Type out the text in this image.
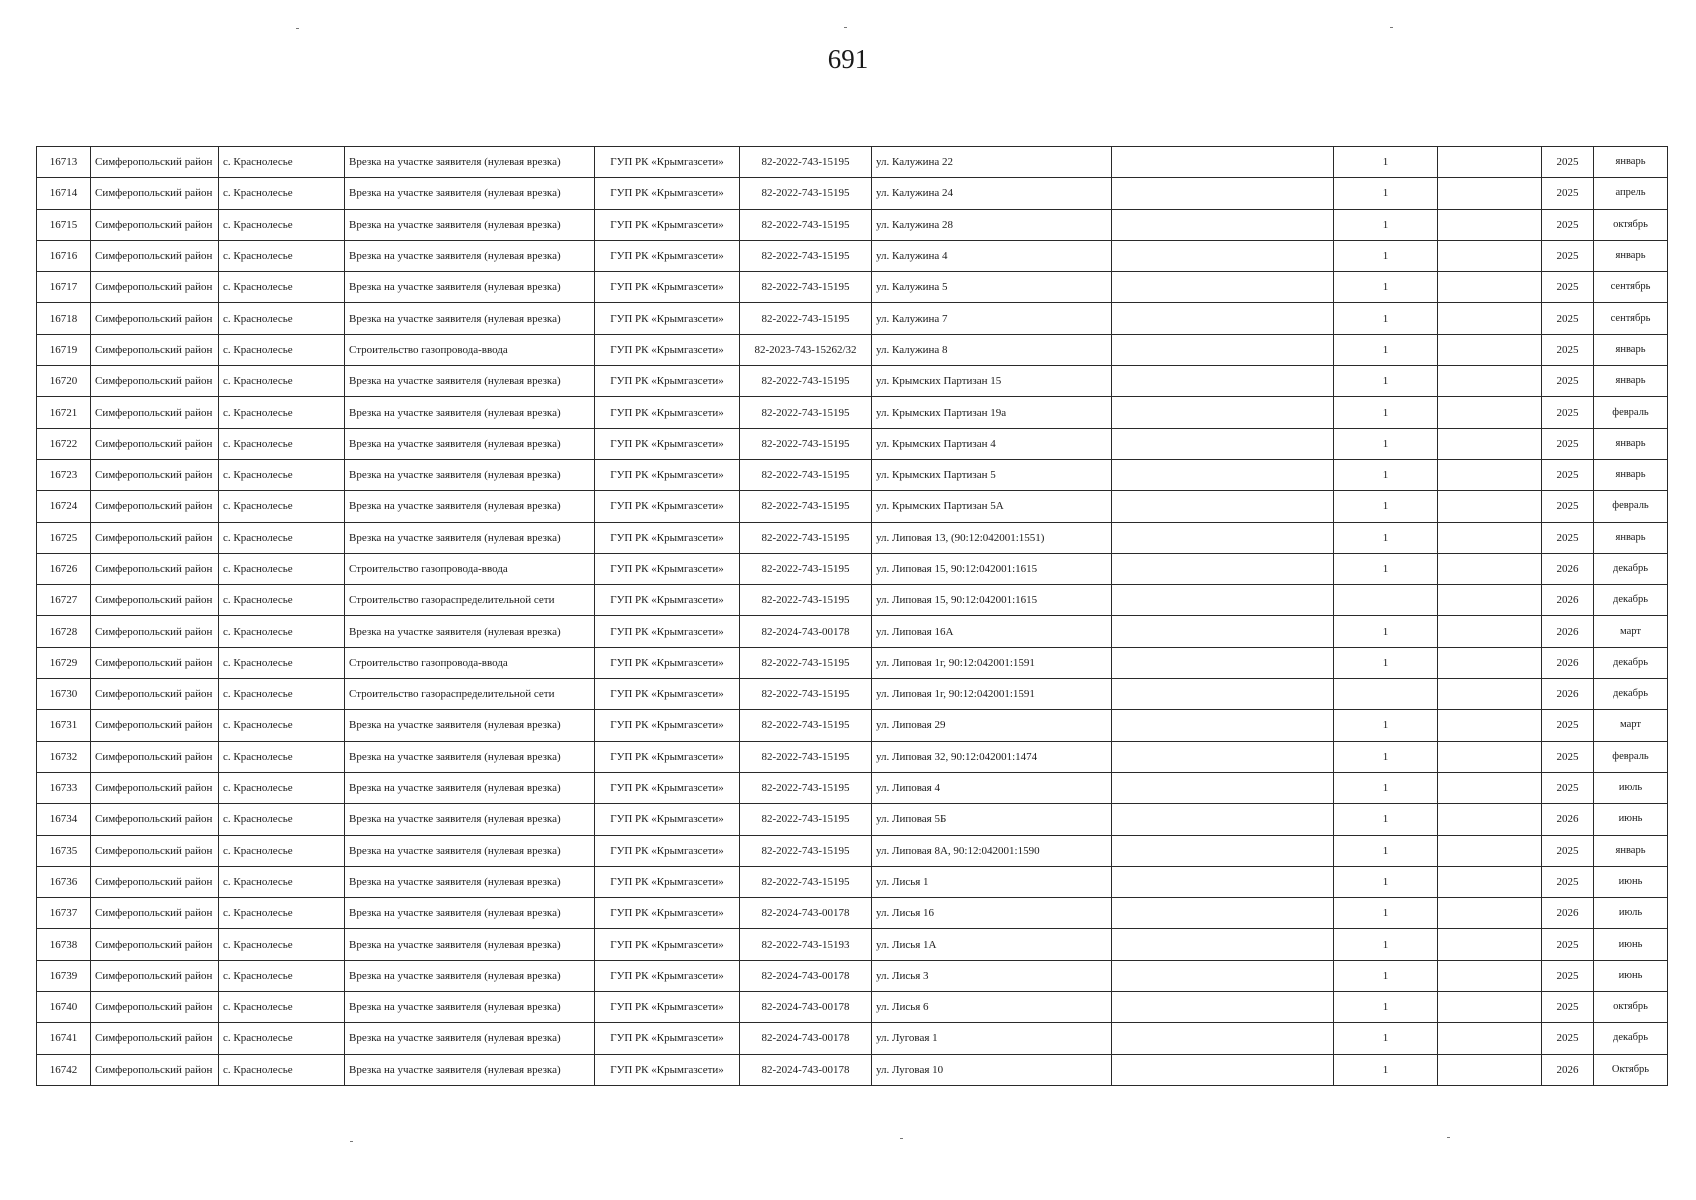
691
16713	Симферопольский район	с. Краснолесье	Врезка на участке заявителя (нулевая врезка)	ГУП РК «Крымгазсети»	82-2022-743-15195	ул. Калужина 22		1		2025	январь
16714	Симферопольский район	с. Краснолесье	Врезка на участке заявителя (нулевая врезка)	ГУП РК «Крымгазсети»	82-2022-743-15195	ул. Калужина 24		1		2025	апрель
16715	Симферопольский район	с. Краснолесье	Врезка на участке заявителя (нулевая врезка)	ГУП РК «Крымгазсети»	82-2022-743-15195	ул. Калужина 28		1		2025	октябрь
16716	Симферопольский район	с. Краснолесье	Врезка на участке заявителя (нулевая врезка)	ГУП РК «Крымгазсети»	82-2022-743-15195	ул. Калужина 4		1		2025	январь
16717	Симферопольский район	с. Краснолесье	Врезка на участке заявителя (нулевая врезка)	ГУП РК «Крымгазсети»	82-2022-743-15195	ул. Калужина 5		1		2025	сентябрь
16718	Симферопольский район	с. Краснолесье	Врезка на участке заявителя (нулевая врезка)	ГУП РК «Крымгазсети»	82-2022-743-15195	ул. Калужина 7		1		2025	сентябрь
16719	Симферопольский район	с. Краснолесье	Строительство газопровода-ввода	ГУП РК «Крымгазсети»	82-2023-743-15262/32	ул. Калужина 8		1		2025	январь
16720	Симферопольский район	с. Краснолесье	Врезка на участке заявителя (нулевая врезка)	ГУП РК «Крымгазсети»	82-2022-743-15195	ул. Крымских Партизан 15		1		2025	январь
16721	Симферопольский район	с. Краснолесье	Врезка на участке заявителя (нулевая врезка)	ГУП РК «Крымгазсети»	82-2022-743-15195	ул. Крымских Партизан 19а		1		2025	февраль
16722	Симферопольский район	с. Краснолесье	Врезка на участке заявителя (нулевая врезка)	ГУП РК «Крымгазсети»	82-2022-743-15195	ул. Крымских Партизан 4		1		2025	январь
16723	Симферопольский район	с. Краснолесье	Врезка на участке заявителя (нулевая врезка)	ГУП РК «Крымгазсети»	82-2022-743-15195	ул. Крымских Партизан 5		1		2025	январь
16724	Симферопольский район	с. Краснолесье	Врезка на участке заявителя (нулевая врезка)	ГУП РК «Крымгазсети»	82-2022-743-15195	ул. Крымских Партизан 5А		1		2025	февраль
16725	Симферопольский район	с. Краснолесье	Врезка на участке заявителя (нулевая врезка)	ГУП РК «Крымгазсети»	82-2022-743-15195	ул. Липовая 13, (90:12:042001:1551)		1		2025	январь
16726	Симферопольский район	с. Краснолесье	Строительство газопровода-ввода	ГУП РК «Крымгазсети»	82-2022-743-15195	ул. Липовая 15, 90:12:042001:1615		1		2026	декабрь
16727	Симферопольский район	с. Краснолесье	Строительство газораспределительной сети	ГУП РК «Крымгазсети»	82-2022-743-15195	ул. Липовая 15, 90:12:042001:1615				2026	декабрь
16728	Симферопольский район	с. Краснолесье	Врезка на участке заявителя (нулевая врезка)	ГУП РК «Крымгазсети»	82-2024-743-00178	ул. Липовая 16А		1		2026	март
16729	Симферопольский район	с. Краснолесье	Строительство газопровода-ввода	ГУП РК «Крымгазсети»	82-2022-743-15195	ул. Липовая 1г, 90:12:042001:1591		1		2026	декабрь
16730	Симферопольский район	с. Краснолесье	Строительство газораспределительной сети	ГУП РК «Крымгазсети»	82-2022-743-15195	ул. Липовая 1г, 90:12:042001:1591				2026	декабрь
16731	Симферопольский район	с. Краснолесье	Врезка на участке заявителя (нулевая врезка)	ГУП РК «Крымгазсети»	82-2022-743-15195	ул. Липовая 29		1		2025	март
16732	Симферопольский район	с. Краснолесье	Врезка на участке заявителя (нулевая врезка)	ГУП РК «Крымгазсети»	82-2022-743-15195	ул. Липовая 32, 90:12:042001:1474		1		2025	февраль
16733	Симферопольский район	с. Краснолесье	Врезка на участке заявителя (нулевая врезка)	ГУП РК «Крымгазсети»	82-2022-743-15195	ул. Липовая 4		1		2025	июль
16734	Симферопольский район	с. Краснолесье	Врезка на участке заявителя (нулевая врезка)	ГУП РК «Крымгазсети»	82-2022-743-15195	ул. Липовая 5Б		1		2026	июнь
16735	Симферопольский район	с. Краснолесье	Врезка на участке заявителя (нулевая врезка)	ГУП РК «Крымгазсети»	82-2022-743-15195	ул. Липовая 8А, 90:12:042001:1590		1		2025	январь
16736	Симферопольский район	с. Краснолесье	Врезка на участке заявителя (нулевая врезка)	ГУП РК «Крымгазсети»	82-2022-743-15195	ул. Лисья 1		1		2025	июнь
16737	Симферопольский район	с. Краснолесье	Врезка на участке заявителя (нулевая врезка)	ГУП РК «Крымгазсети»	82-2024-743-00178	ул. Лисья 16		1		2026	июль
16738	Симферопольский район	с. Краснолесье	Врезка на участке заявителя (нулевая врезка)	ГУП РК «Крымгазсети»	82-2022-743-15193	ул. Лисья 1А		1		2025	июнь
16739	Симферопольский район	с. Краснолесье	Врезка на участке заявителя (нулевая врезка)	ГУП РК «Крымгазсети»	82-2024-743-00178	ул. Лисья 3		1		2025	июнь
16740	Симферопольский район	с. Краснолесье	Врезка на участке заявителя (нулевая врезка)	ГУП РК «Крымгазсети»	82-2024-743-00178	ул. Лисья 6		1		2025	октябрь
16741	Симферопольский район	с. Краснолесье	Врезка на участке заявителя (нулевая врезка)	ГУП РК «Крымгазсети»	82-2024-743-00178	ул. Луговая 1		1		2025	декабрь
16742	Симферопольский район	с. Краснолесье	Врезка на участке заявителя (нулевая врезка)	ГУП РК «Крымгазсети»	82-2024-743-00178	ул. Луговая 10		1		2026	Октябрь
